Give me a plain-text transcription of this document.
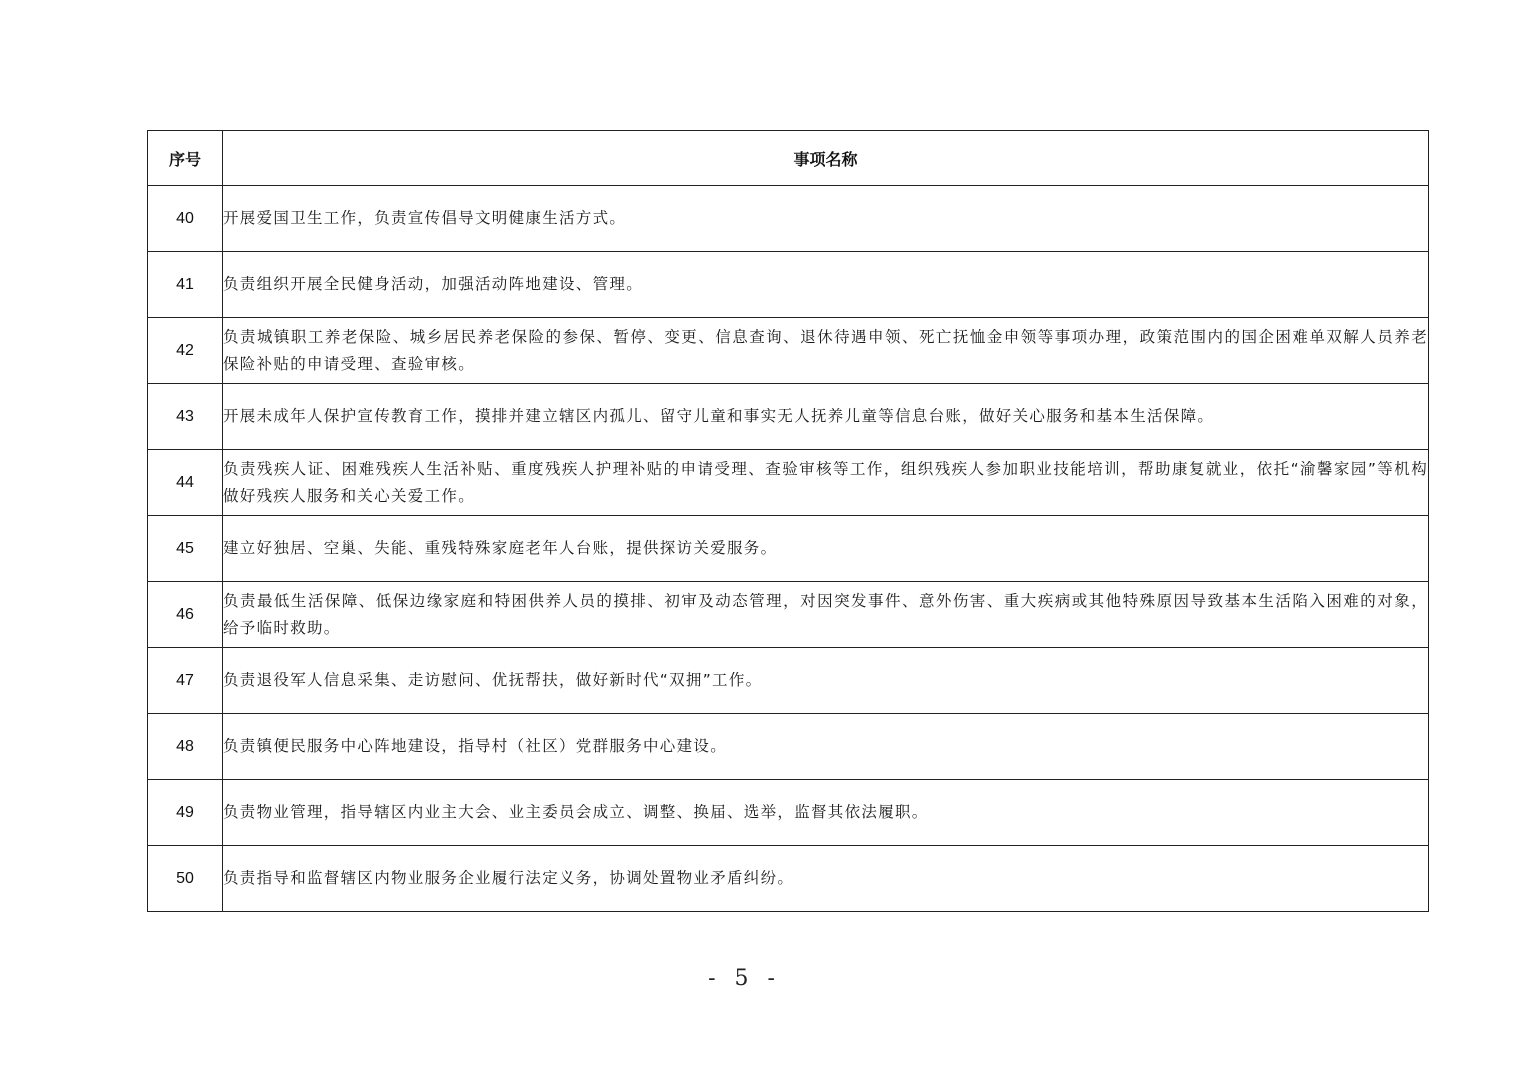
序号	事项名称
40	开展爱国卫生工作，负责宣传倡导文明健康生活方式。
41	负责组织开展全民健身活动，加强活动阵地建设、管理。
42	负责城镇职工养老保险、城乡居民养老保险的参保、暂停、变更、信息查询、退休待遇申领、死亡抚恤金申领等事项办理，政策范围内的国企困难单双解人员养老保险补贴的申请受理、查验审核。
43	开展未成年人保护宣传教育工作，摸排并建立辖区内孤儿、留守儿童和事实无人抚养儿童等信息台账，做好关心服务和基本生活保障。
44	负责残疾人证、困难残疾人生活补贴、重度残疾人护理补贴的申请受理、查验审核等工作，组织残疾人参加职业技能培训，帮助康复就业，依托“渝馨家园”等机构做好残疾人服务和关心关爱工作。
45	建立好独居、空巢、失能、重残特殊家庭老年人台账，提供探访关爱服务。
46	负责最低生活保障、低保边缘家庭和特困供养人员的摸排、初审及动态管理，对因突发事件、意外伤害、重大疾病或其他特殊原因导致基本生活陷入困难的对象，给予临时救助。
47	负责退役军人信息采集、走访慰问、优抚帮扶，做好新时代“双拥”工作。
48	负责镇便民服务中心阵地建设，指导村（社区）党群服务中心建设。
49	负责物业管理，指导辖区内业主大会、业主委员会成立、调整、换届、选举，监督其依法履职。
50	负责指导和监督辖区内物业服务企业履行法定义务，协调处置物业矛盾纠纷。
- 5 -
